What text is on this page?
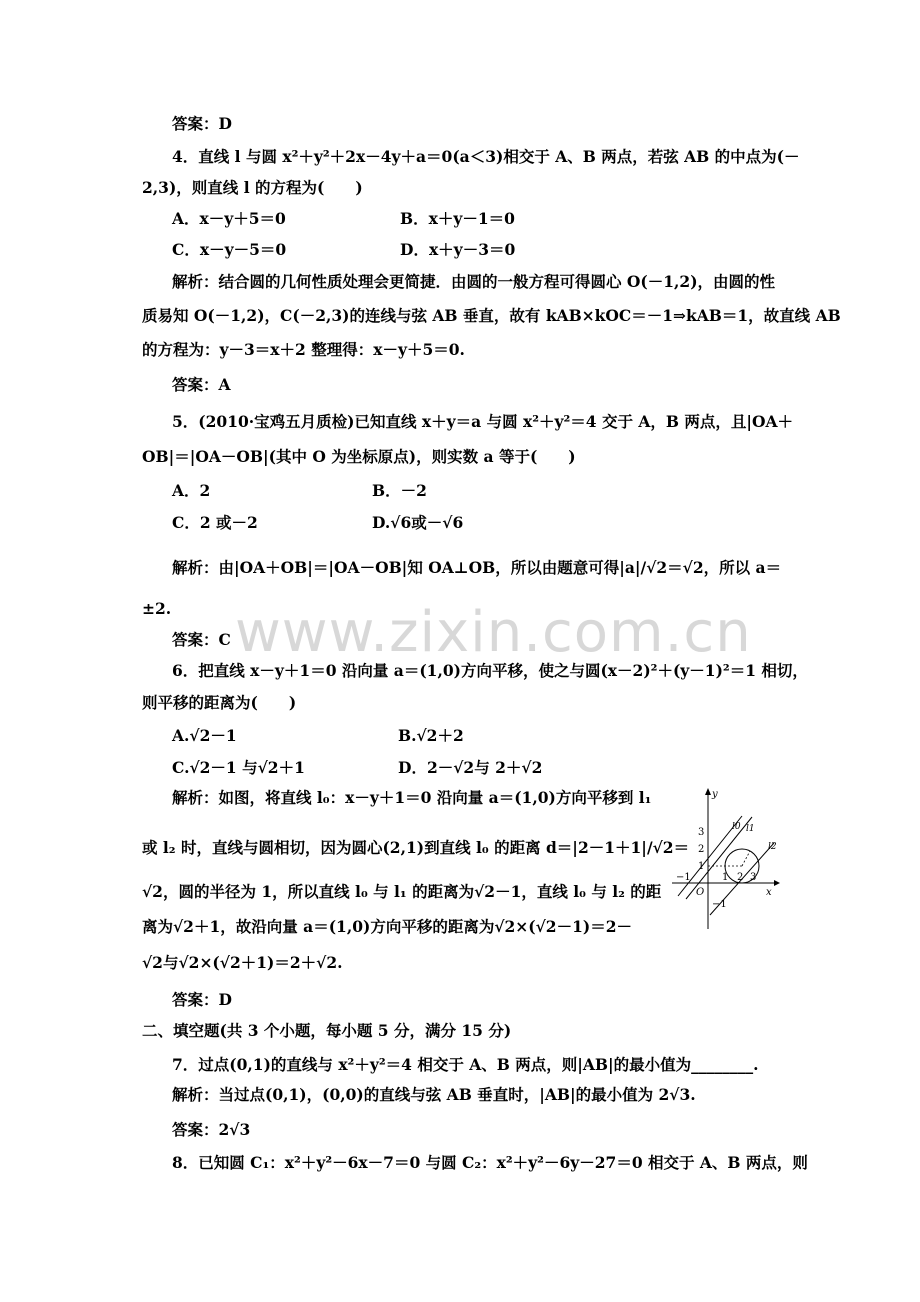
www.zixin.com.cn
答案：D
4．直线 l 与圆 x²＋y²＋2x－4y＋a＝0(a＜3)相交于 A、B 两点，若弦 AB 的中点为(－
2,3)，则直线 l 的方程为(　　)
解析：结合圆的几何性质处理会更简捷．由圆的一般方程可得圆心 O(－1,2)，由圆的性
质易知 O(－1,2)，C(－2,3)的连线与弦 AB 垂直，故有 kAB×kOC＝－1⇒kAB＝1，故直线 AB
的方程为：y－3＝x＋2 整理得：x－y＋5＝0.
答案：A
5．(2010·宝鸡五月质检)已知直线 x＋y＝a 与圆 x²＋y²＝4 交于 A，B 两点，且|OA＋
OB|＝|OA－OB|(其中 O 为坐标原点)，则实数 a 等于(　　)
解析：由|OA＋OB|＝|OA－OB|知 OA⊥OB，所以由题意可得|a|/√2＝√2，所以 a＝
±2.
答案：C
6．把直线 x－y＋1＝0 沿向量 a＝(1,0)方向平移，使之与圆(x－2)²＋(y－1)²＝1 相切，
则平移的距离为(　　)
解析：如图，将直线 l₀：x－y＋1＝0 沿向量 a＝(1,0)方向平移到 l₁
或 l₂ 时，直线与圆相切，因为圆心(2,1)到直线 l₀ 的距离 d＝|2－1＋1|/√2＝
√2，圆的半径为 1，所以直线 l₀ 与 l₁ 的距离为√2－1，直线 l₀ 与 l₂ 的距
离为√2＋1，故沿向量 a＝(1,0)方向平移的距离为√2×(√2－1)＝2－
√2与√2×(√2＋1)＝2＋√2.
答案：D
二、填空题(共 3 个小题，每小题 5 分，满分 15 分)
7．过点(0,1)的直线与 x²＋y²＝4 相交于 A、B 两点，则|AB|的最小值为________.
解析：当过点(0,1)，(0,0)的直线与弦 AB 垂直时，|AB|的最小值为 2√3.
答案：2√3
8．已知圆 C₁：x²＋y²－6x－7＝0 与圆 C₂：x²＋y²－6y－27＝0 相交于 A、B 两点，则
A．x－y＋5＝0	B．x＋y－1＝0
C．x－y－5＝0	D．x＋y－3＝0
A．2	B．－2
C．2 或－2	D.√6或－√6
A.√2－1	B.√2＋2
C.√2－1 与√2＋1	D．2－√2与 2＋√2
y
x
3
2
1
−1
−1
O
1 2 3
l0 l1
l2
